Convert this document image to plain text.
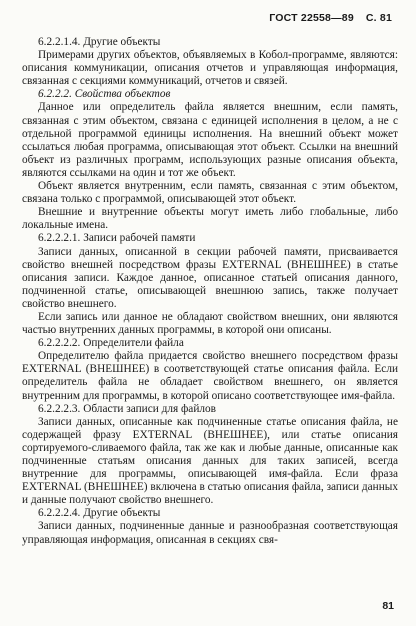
ГОСТ 22558—89 С. 81
6.2.2.1.4. Другие объекты

Примерами других объектов, объявляемых в Кобол-программе, являются: описания коммуникации, описания отчетов и управляющая информация, связанная с секциями коммуникаций, отчетов и связей.

6.2.2.2. Свойства объектов

Данное или определитель файла является внешним, если память, связанная с этим объектом, связана с единицей исполнения в целом, а не с отдельной программой единицы исполнения. На внешний объект может ссылаться любая программа, описывающая этот объект. Ссылки на внешний объект из различных программ, использующих разные описания объекта, являются ссылками на один и тот же объект.

Объект является внутренним, если память, связанная с этим объектом, связана только с программой, описывающей этот объект.

Внешние и внутренние объекты могут иметь либо глобальные, либо локальные имена.

6.2.2.2.1. Записи рабочей памяти

Записи данных, описанной в секции рабочей памяти, присваивается свойство внешней посредством фразы EXTERNAL (ВНЕШНЕЕ) в статье описания записи. Каждое данное, описанное статьей описания данного, подчиненной статье, описывающей внешнюю запись, также получает свойство внешнего.

Если запись или данное не обладают свойством внешних, они являются частью внутренних данных программы, в которой они описаны.

6.2.2.2.2. Определители файла

Определителю файла придается свойство внешнего посредством фразы EXTERNAL (ВНЕШНЕЕ) в соответствующей статье описания файла. Если определитель файла не обладает свойством внешнего, он является внутренним для программы, в которой описано соответствующее имя-файла.

6.2.2.2.3. Области записи для файлов

Записи данных, описанные как подчиненные статье описания файла, не содержащей фразу EXTERNAL (ВНЕШНЕЕ), или статье описания сортируемого-сливаемого файла, так же как и любые данные, описанные как подчиненные статьям описания данных для таких записей, всегда внутренние для программы, описывающей имя-файла. Если фраза EXTERNAL (ВНЕШНЕЕ) включена в статью описания файла, записи данных и данные получают свойство внешнего.

6.2.2.2.4. Другие объекты

Записи данных, подчиненные данные и разнообразная соответствующая управляющая информация, описанная в секциях свя-

81
